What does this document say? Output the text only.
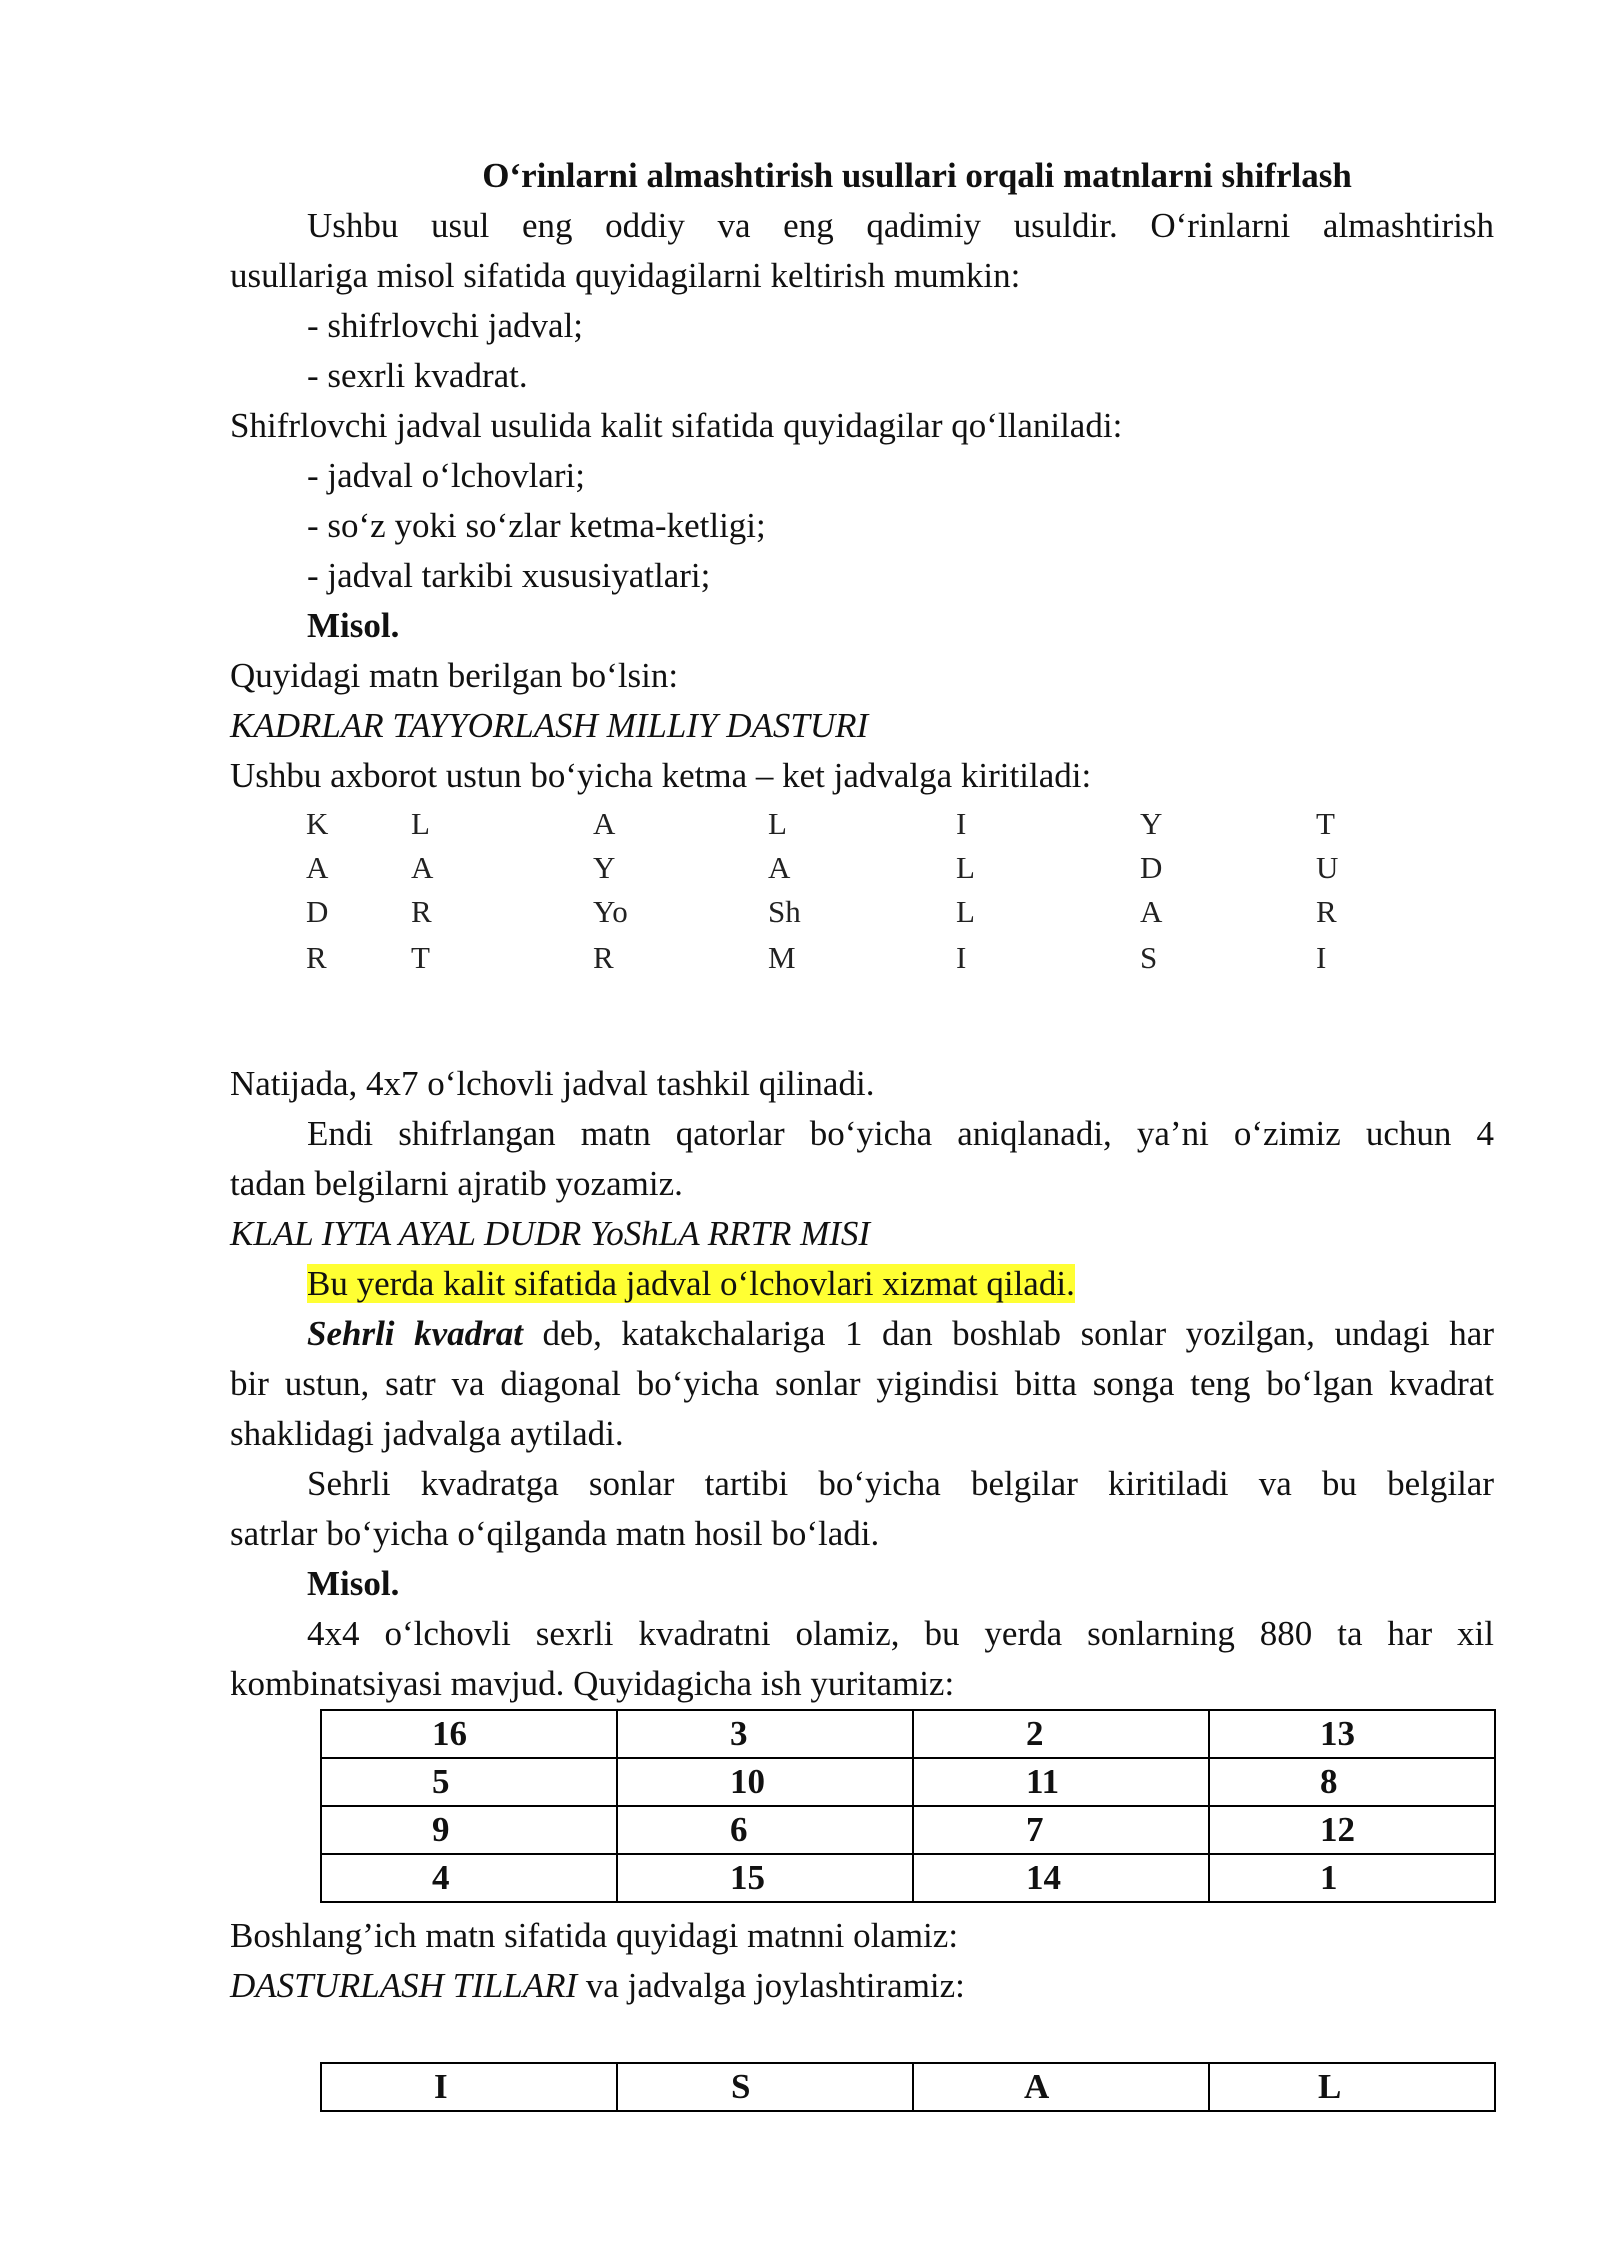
O‘rinlarni almashtirish usullari orqali matnlarni shifrlash
Ushbu usul eng oddiy va eng qadimiy usuldir. O‘rinlarni almashtirish
usullariga misol sifatida quyidagilarni keltirish mumkin:
- shifrlovchi jadval;
- sexrli kvadrat.
Shifrlovchi jadval usulida kalit sifatida quyidagilar qo‘llaniladi:
- jadval o‘lchovlari;
- so‘z yoki so‘zlar ketma-ketligi;
- jadval tarkibi xususiyatlari;
Misol.
Quyidagi matn berilgan bo‘lsin:
KADRLAR TAYYORLASH MILLIY DASTURI
Ushbu axborot ustun bo‘yicha ketma – ket jadvalga kiritiladi:
K	L	A	L	I	Y	T
A	A	Y	A	L	D	U
D	R	Yo	Sh	L	A	R
R	T	R	M	I	S	I
Natijada, 4x7 o‘lchovli jadval tashkil qilinadi.
Endi shifrlangan matn qatorlar bo‘yicha aniqlanadi, ya’ni o‘zimiz uchun 4
tadan belgilarni ajratib yozamiz.
KLAL IYTA AYAL DUDR YoShLA RRTR MISI
Bu yerda kalit sifatida jadval o‘lchovlari xizmat qiladi.
Sehrli kvadrat deb, katakchalariga 1 dan boshlab sonlar yozilgan, undagi har
bir ustun, satr va diagonal bo‘yicha sonlar yigindisi bitta songa teng bo‘lgan kvadrat
shaklidagi jadvalga aytiladi.
Sehrli kvadratga sonlar tartibi bo‘yicha belgilar kiritiladi va bu belgilar
satrlar bo‘yicha o‘qilganda matn hosil bo‘ladi.
Misol.
4x4 o‘lchovli sexrli kvadratni olamiz, bu yerda sonlarning 880 ta har xil
kombinatsiyasi mavjud. Quyidagicha ish yuritamiz:
16	3	2	13
5	10	11	8
9	6	7	12
4	15	14	1
Boshlang’ich matn sifatida quyidagi matnni olamiz:
DASTURLASH TILLARI va jadvalga joylashtiramiz:
I	S	A	L
